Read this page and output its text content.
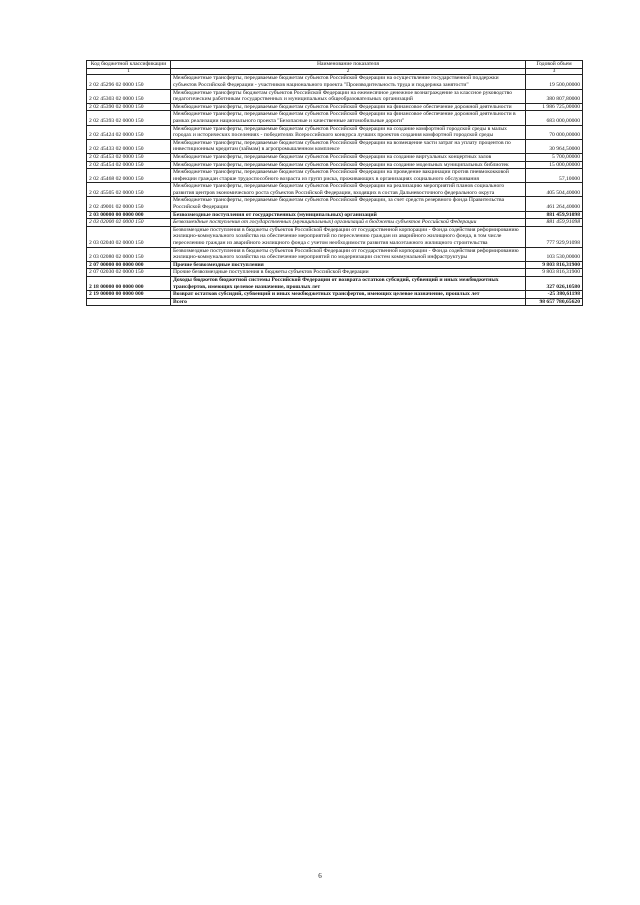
Код бюджетной классификации	Наименование показателя	Годовой объем
1	2	3
2 02 45296 02 0000 150	Межбюджетные трансферты, передаваемые бюджетам субъектов Российской Федерации на осуществление государственной поддержки субъектов Российской Федерации - участников национального проекта "Производительность труда и поддержка занятости"	19 500,00000
2 02 45303 02 0000 150	Межбюджетные трансферты бюджетам субъектов Российской Федерации на ежемесячное денежное вознаграждение за классное руководство педагогическим работникам государственных и муниципальных общеобразовательных организаций	380 807,80000
2 02 45390 02 0000 150	Межбюджетные трансферты, передаваемые бюджетам субъектов Российской Федерации на финансовое обеспечение дорожной деятельности	1 986 725,00000
2 02 45393 02 0000 150	Межбюджетные трансферты, передаваемые бюджетам субъектов Российской Федерации на финансовое обеспечение дорожной деятельности в рамках реализации национального проекта "Безопасные и качественные автомобильные дороги"	683 000,00000
2 02 45424 02 0000 150	Межбюджетные трансферты, передаваемые бюджетам субъектов Российской Федерации на создание комфортной городской среды в малых городах и исторических поселениях - победителях Всероссийского конкурса лучших проектов создания комфортной городской среды	70 000,00000
2 02 45433 02 0000 150	Межбюджетные трансферты, передаваемые бюджетам субъектов Российской Федерации на возмещение части затрат на уплату процентов по инвестиционным кредитам (займам) в агропромышленном комплексе	30 964,50000
2 02 45453 02 0000 150	Межбюджетные трансферты, передаваемые бюджетам субъектов Российской Федерации на создание виртуальных концертных залов	5 700,00000
2 02 45454 02 0000 150	Межбюджетные трансферты, передаваемые бюджетам субъектов Российской Федерации на создание модельных муниципальных библиотек	15 000,00000
2 02 45468 02 0000 150	Межбюджетные трансферты, передаваемые бюджетам субъектов Российской Федерации на проведение вакцинации против пневмококковой инфекции граждан старше трудоспособного возраста из групп риска, проживающих в организациях социального обслуживания	57,10000
2 02 45505 02 0000 150	Межбюджетные трансферты, передаваемые бюджетам субъектов Российской Федерации на реализацию мероприятий планов социального развития центров экономического роста субъектов Российской Федерации, входящих в состав Дальневосточного федерального округа	405 504,40000
2 02 49001 02 0000 150	Межбюджетные трансферты, передаваемые бюджетам субъектов Российской Федерации, за счет средств резервного фонда Правительства Российской Федерации	461 264,40000
2 03 00000 00 0000 000	Безвозмездные поступления от государственных (муниципальных) организаций	881 459,91098
2 03 02000 02 0000 150	Безвозмездные поступления от государственных (муниципальных) организаций в бюджеты субъектов Российской Федерации	881 459,91098
2 03 02040 02 0000 150	Безвозмездные поступления в бюджеты субъектов Российской Федерации от государственной корпорации - Фонда содействия реформированию жилищно-коммунального хозяйства на обеспечение мероприятий по переселению граждан из аварийного жилищного фонда, в том числе переселению граждан из аварийного жилищного фонда с учетом необходимости развития малоэтажного жилищного строительства	777 929,91098
2 03 02080 02 0000 150	Безвозмездные поступления в бюджеты субъектов Российской Федерации от государственной корпорации - Фонда содействия реформированию жилищно-коммунального хозяйства на обеспечение мероприятий по модернизации систем коммунальной инфраструктуры	103 530,00000
2 07 00000 00 0000 000	Прочие безвозмездные поступления	9 803 816,31900
2 07 02030 02 0000 150	Прочие безвозмездные поступления в бюджеты субъектов Российской Федерации	9 803 816,31900
2 18 00000 00 0000 000	Доходы бюджетов бюджетной системы Российской Федерации от возврата остатков субсидий, субвенций и иных межбюджетных трансфертов, имеющих целевое назначение, прошлых лет	327 026,10580
2 19 00000 00 0000 000	Возврат остатков субсидий, субвенций и иных межбюджетных трансфертов, имеющих целевое назначение, прошлых лет	-25 380,61198
	Всего	98 657 780,65620
6
